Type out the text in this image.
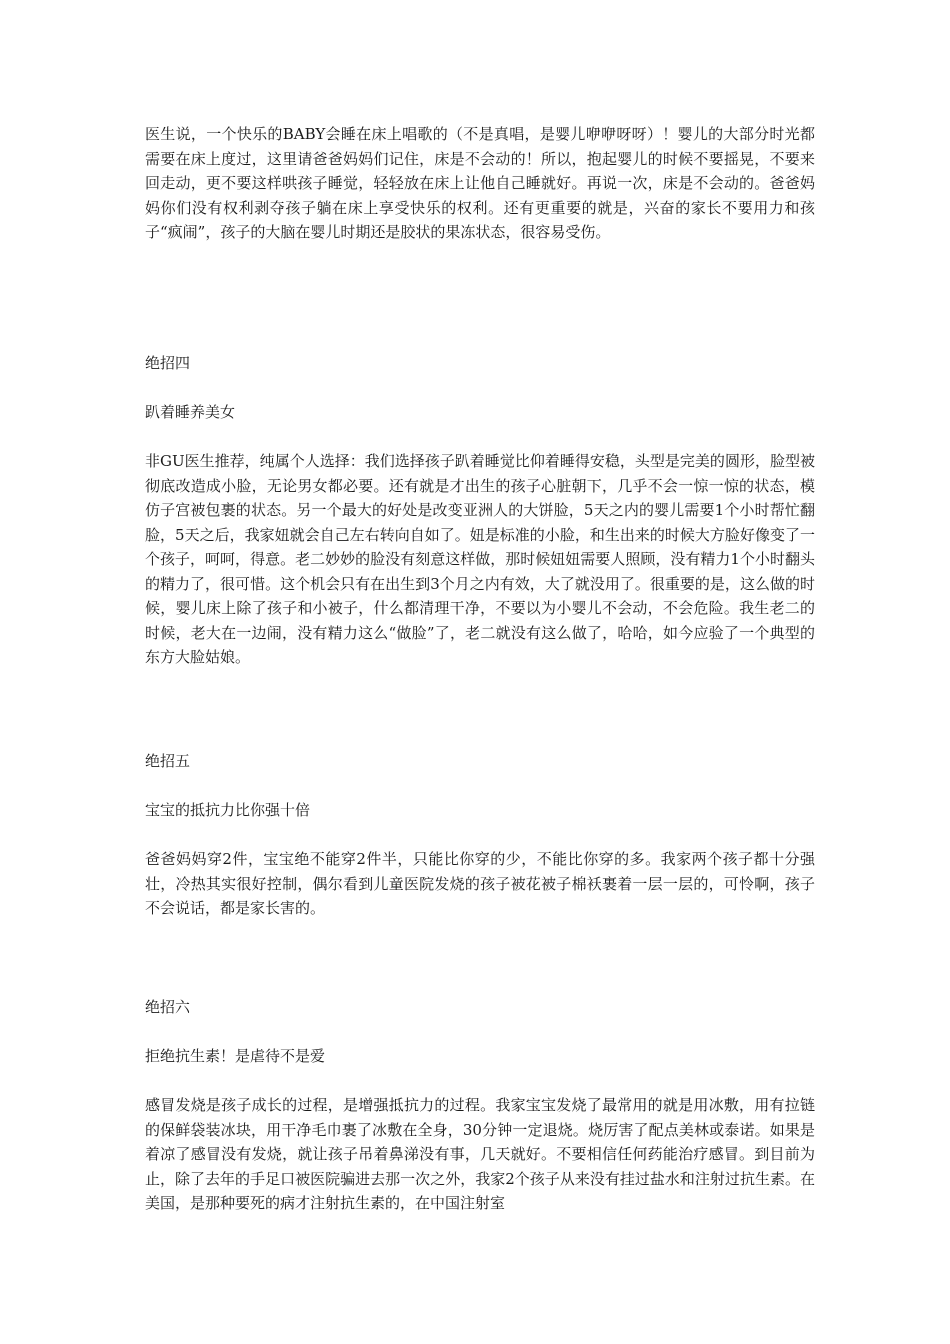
医生说，一个快乐的BABY会睡在床上唱歌的（不是真唱，是婴儿咿咿呀呀）！婴儿的大部分时光都需要在床上度过，这里请爸爸妈妈们记住，床是不会动的！所以，抱起婴儿的时候不要摇晃，不要来回走动，更不要这样哄孩子睡觉，轻轻放在床上让他自己睡就好。再说一次，床是不会动的。爸爸妈妈你们没有权利剥夺孩子躺在床上享受快乐的权利。还有更重要的就是，兴奋的家长不要用力和孩子“疯闹”，孩子的大脑在婴儿时期还是胶状的果冻状态，很容易受伤。

绝招四

趴着睡养美女

非GU医生推荐，纯属个人选择：我们选择孩子趴着睡觉比仰着睡得安稳，头型是完美的圆形，脸型被彻底改造成小脸，无论男女都必要。还有就是才出生的孩子心脏朝下，几乎不会一惊一惊的状态，模仿子宫被包裹的状态。另一个最大的好处是改变亚洲人的大饼脸，5天之内的婴儿需要1个小时帮忙翻脸，5天之后，我家妞就会自己左右转向自如了。妞是标准的小脸，和生出来的时候大方脸好像变了一个孩子，呵呵，得意。老二妙妙的脸没有刻意这样做，那时候妞妞需要人照顾，没有精力1个小时翻头的精力了，很可惜。这个机会只有在出生到3个月之内有效，大了就没用了。很重要的是，这么做的时候，婴儿床上除了孩子和小被子，什么都清理干净，不要以为小婴儿不会动，不会危险。我生老二的时候，老大在一边闹，没有精力这么“做脸”了，老二就没有这么做了，哈哈，如今应验了一个典型的东方大脸姑娘。

绝招五

宝宝的抵抗力比你强十倍

爸爸妈妈穿2件，宝宝绝不能穿2件半，只能比你穿的少，不能比你穿的多。我家两个孩子都十分强壮，冷热其实很好控制，偶尔看到儿童医院发烧的孩子被花被子棉袄裹着一层一层的，可怜啊，孩子不会说话，都是家长害的。

绝招六

拒绝抗生素！是虐待不是爱

感冒发烧是孩子成长的过程，是增强抵抗力的过程。我家宝宝发烧了最常用的就是用冰敷，用有拉链的保鲜袋装冰块，用干净毛巾裹了冰敷在全身，30分钟一定退烧。烧厉害了配点美林或泰诺。如果是着凉了感冒没有发烧，就让孩子吊着鼻涕没有事，几天就好。不要相信任何药能治疗感冒。到目前为止，除了去年的手足口被医院骗进去那一次之外，我家2个孩子从来没有挂过盐水和注射过抗生素。在美国，是那种要死的病才注射抗生素的，在中国注射室
